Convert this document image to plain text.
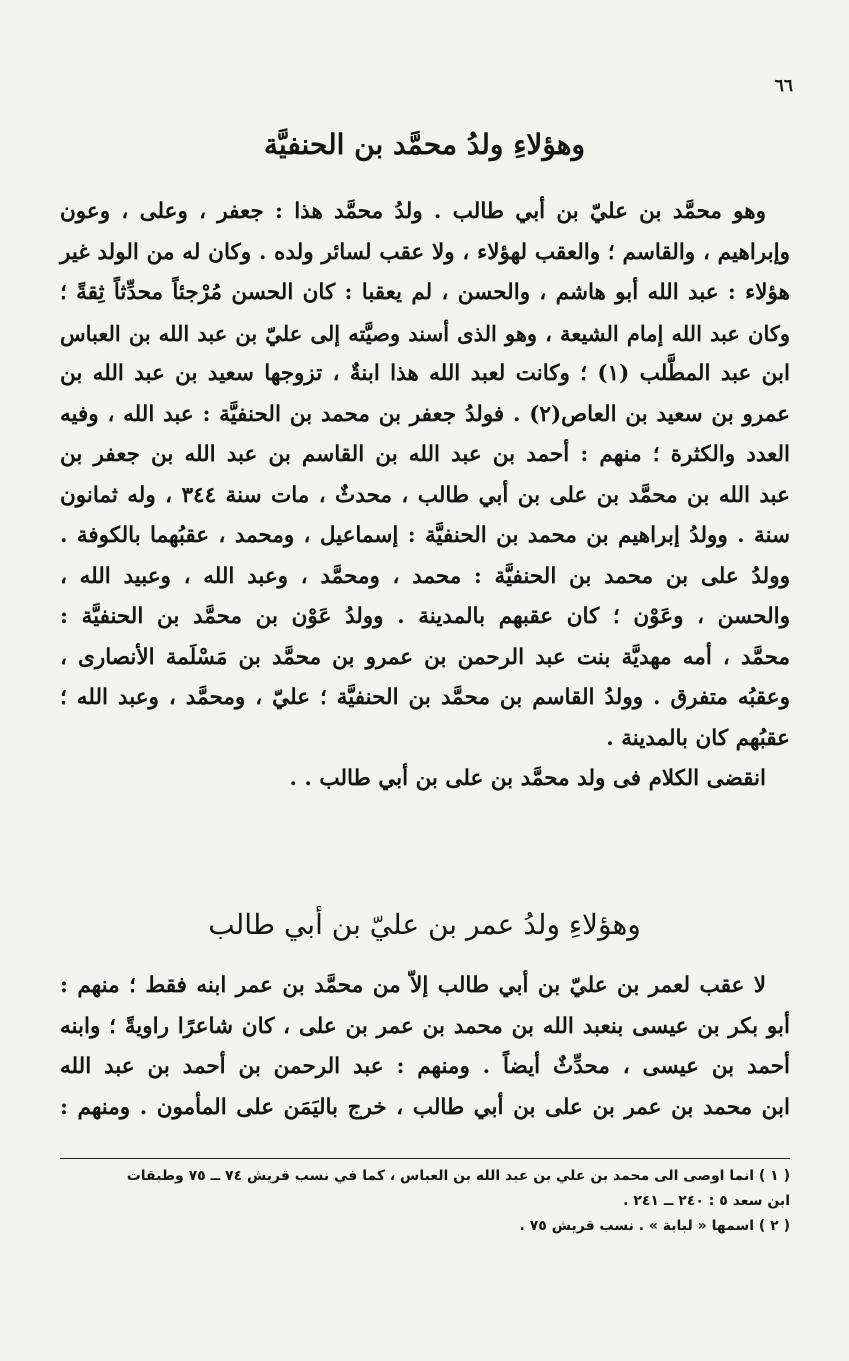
٦٦
وهؤلاءِ ولدُ محمَّد بن الحنفيَّة
وهو محمَّد بن عليّ بن أبي طالب . ولدُ محمَّد هذا : جعفر ، وعلى ، وعون
وإبراهيم ، والقاسم ؛ والعقب لهؤلاء ، ولا عقب لسائر ولده . وكان له من الولد غير
هؤلاء : عبد الله أبو هاشم ، والحسن ، لم يعقبا : كان الحسن مُرْجئاً محدِّثاً ثِقةً ؛
وكان عبد الله إمام الشيعة ، وهو الذى أسند وصيَّته إلى عليّ بن عبد الله بن العباس
ابن عبد المطَّلب (١) ؛ وكانت لعبد الله هذا ابنةٌ ، تزوجها سعيد بن عبد الله بن
عمرو بن سعيد بن العاص(٢) . فولدُ جعفر بن محمد بن الحنفيَّة : عبد الله ، وفيه
العدد والكثرة ؛ منهم : أحمد بن عبد الله بن القاسم بن عبد الله بن جعفر بن
عبد الله بن محمَّد بن على بن أبي طالب ، محدثٌ ، مات سنة ٣٤٤ ، وله ثمانون
سنة . وولدُ إبراهيم بن محمد بن الحنفيَّة : إسماعيل ، ومحمد ، عقبُهما بالكوفة .
وولدُ على بن محمد بن الحنفيَّة : محمد ، ومحمَّد ، وعبد الله ، وعبيد الله ،
والحسن ، وعَوْن ؛ كان عقبهم بالمدينة . وولدُ عَوْن بن محمَّد بن الحنفيَّة :
محمَّد ، أمه مهديَّة بنت عبد الرحمن بن عمرو بن محمَّد بن مَسْلَمة الأنصارى ،
وعقبُه متفرق . وولدُ القاسم بن محمَّد بن الحنفيَّة ؛ عليّ ، ومحمَّد ، وعبد الله ؛
عقبُهم كان بالمدينة .
انقضى الكلام فى ولد محمَّد بن على بن أبي طالب . .
وهؤلاءِ ولدُ عمر بن عليّ بن أبي طالب
لا عقب لعمر بن عليّ بن أبي طالب إلاّ من محمَّد بن عمر ابنه فقط ؛ منهم :
أبو بكر بن عيسى بنعبد الله بن محمد بن عمر بن على ، كان شاعرًا راويةً ؛ وابنه
أحمد بن عيسى ، محدِّثٌ أيضاً . ومنهم : عبد الرحمن بن أحمد بن عبد الله
ابن محمد بن عمر بن على بن أبي طالب ، خرج باليَمَن على المأمون . ومنهم :
( ١ ) انما اوصى الى محمد بن علي بن عبد الله بن العباس ، كما في نسب قريش ٧٤ ــ ٧٥ وطبقات
ابن سعد ٥ : ٢٤٠ ــ ٢٤١ .
( ٢ ) اسمها « لبابة » . نسب قريش ٧٥ .
